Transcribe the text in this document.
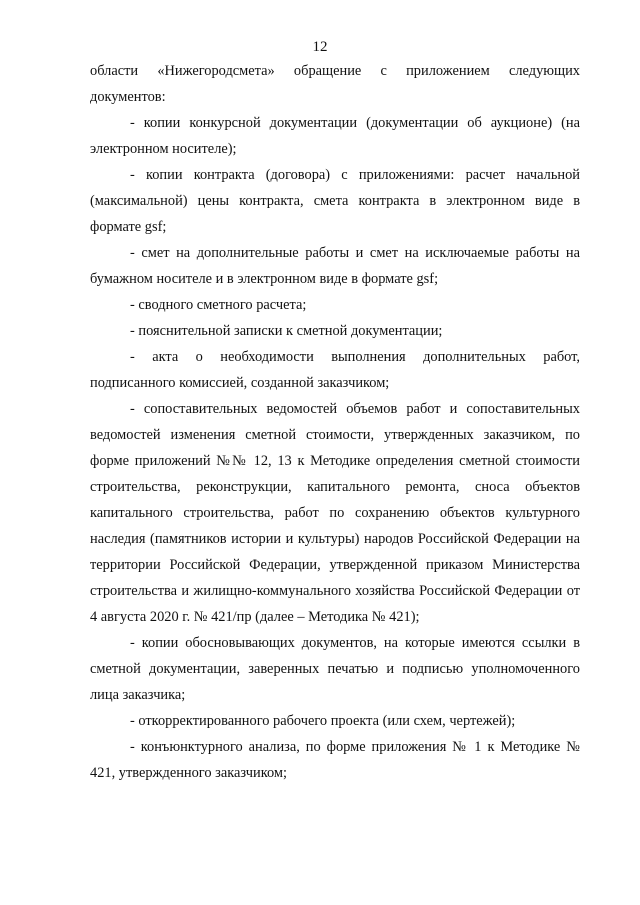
12

области «Нижегородсмета» обращение с приложением следующих документов:

- копии конкурсной документации (документации об аукционе) (на электронном носителе);

- копии контракта (договора) с приложениями: расчет начальной (максимальной) цены контракта, смета контракта в электронном виде в формате gsf;

- смет на дополнительные работы и смет на исключаемые работы на бумажном носителе и в электронном виде в формате gsf;

- сводного сметного расчета;

- пояснительной записки к сметной документации;

- акта о необходимости выполнения дополнительных работ, подписанного комиссией, созданной заказчиком;

- сопоставительных ведомостей объемов работ и сопоставительных ведомостей изменения сметной стоимости, утвержденных заказчиком, по форме приложений №№ 12, 13 к Методике определения сметной стоимости строительства, реконструкции, капитального ремонта, сноса объектов капитального строительства, работ по сохранению объектов культурного наследия (памятников истории и культуры) народов Российской Федерации на территории Российской Федерации, утвержденной приказом Министерства строительства и жилищно-коммунального хозяйства Российской Федерации от 4 августа 2020 г. № 421/пр (далее – Методика № 421);

- копии обосновывающих документов, на которые имеются ссылки в сметной документации, заверенных печатью и подписью уполномоченного лица заказчика;

- откорректированного рабочего проекта (или схем, чертежей);

- конъюнктурного анализа, по форме приложения № 1 к Методике № 421, утвержденного заказчиком;
